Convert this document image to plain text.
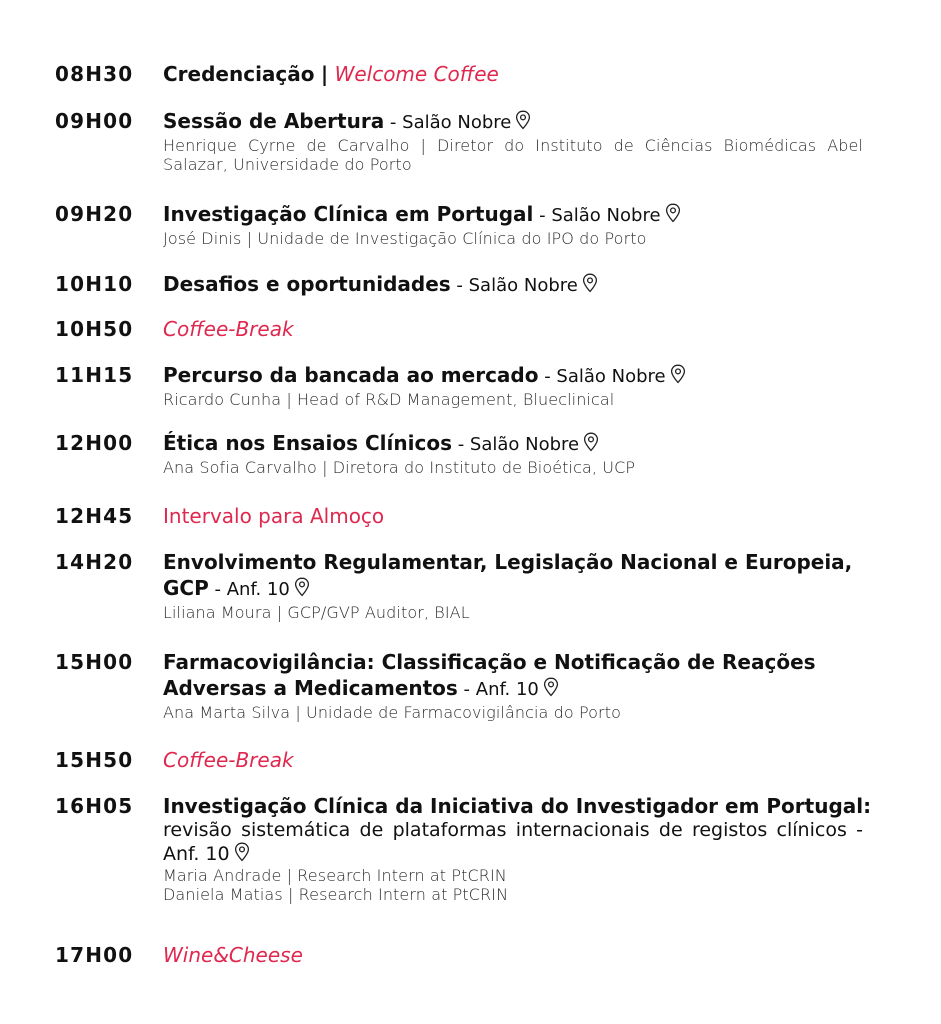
08H30	Credenciação | Welcome Coffee
09H00	Sessão de Abertura - Salão Nobre
Henrique Cyrne de Carvalho | Diretor do Instituto de Ciências Biomédicas Abel Salazar, Universidade do Porto
09H20	Investigação Clínica em Portugal - Salão Nobre
José Dinis | Unidade de Investigação Clínica do IPO do Porto
10H10	Desafios e oportunidades - Salão Nobre
10H50	Coffee-Break
11H15	Percurso da bancada ao mercado - Salão Nobre
Ricardo Cunha | Head of R&D Management, Blueclinical
12H00	Ética nos Ensaios Clínicos - Salão Nobre
Ana Sofia Carvalho | Diretora do Instituto de Bioética, UCP
12H45	Intervalo para Almoço
14H20	Envolvimento Regulamentar, Legislação Nacional e Europeia,
GCP - Anf. 10
Liliana Moura | GCP/GVP Auditor, BIAL
15H00	Farmacovigilância: Classificação e Notificação de Reações
Adversas a Medicamentos - Anf. 10
Ana Marta Silva | Unidade de Farmacovigilância do Porto
15H50	Coffee-Break
16H05	Investigação Clínica da Iniciativa do Investigador em Portugal:
revisão sistemática de plataformas internacionais de registos clínicos - Anf. 10
Maria Andrade | Research Intern at PtCRIN
Daniela Matias | Research Intern at PtCRIN
17H00	Wine&Cheese
